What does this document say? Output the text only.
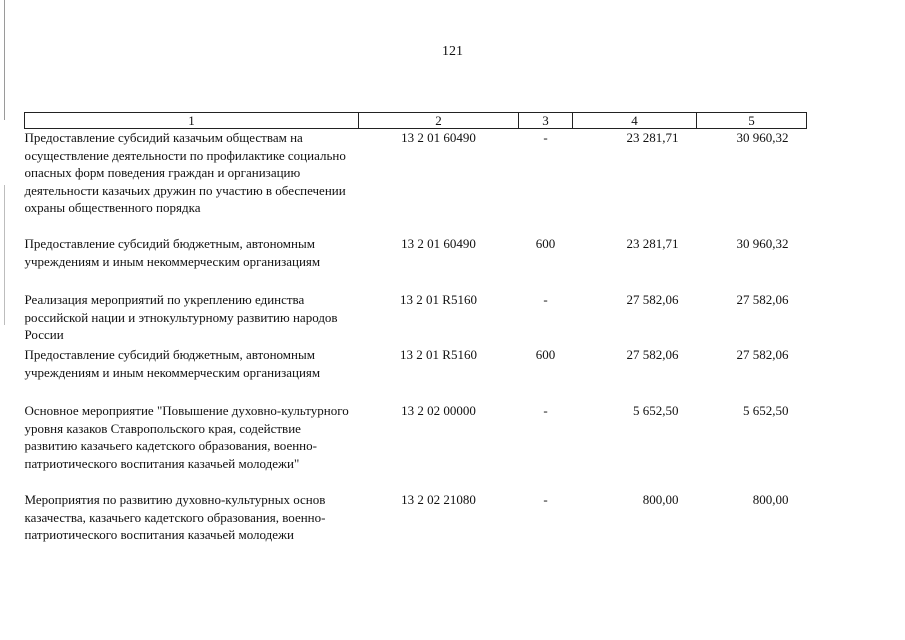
121
1	2	3	4	5
Предоставление субсидий казачьим обществам на осуществление деятельности по профилактике социально опасных форм поведения граждан и организацию деятельности казачьих дружин по участию в обеспечении охраны общественного порядка	13 2 01 60490	-	23 281,71	30 960,32
Предоставление субсидий бюджетным, автономным учреждениям и иным некоммерческим организациям	13 2 01 60490	600	23 281,71	30 960,32
Реализация мероприятий по укреплению единства российской нации и этнокультурному развитию народов России	13 2 01 R5160	-	27 582,06	27 582,06
Предоставление субсидий бюджетным, автономным учреждениям и иным некоммерческим организациям	13 2 01 R5160	600	27 582,06	27 582,06
Основное мероприятие "Повышение духовно-культурного уровня казаков Ставропольского края, содействие развитию казачьего кадетского образования, военно-патриотического воспитания казачьей молодежи"	13 2 02 00000	-	5 652,50	5 652,50
Мероприятия по развитию духовно-культурных основ казачества, казачьего кадетского образования, военно-патриотического воспитания казачьей молодежи	13 2 02 21080	-	800,00	800,00
